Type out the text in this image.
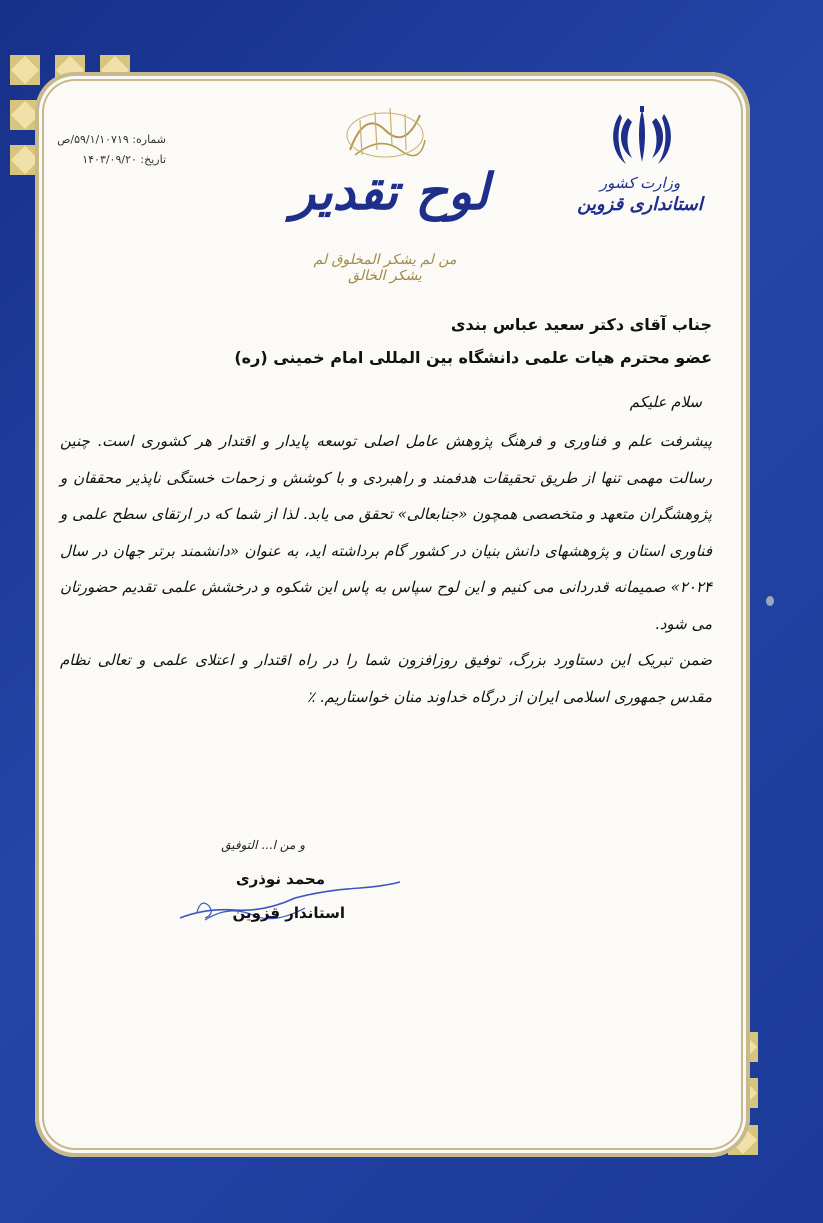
شماره: ۵۹/۱/۱۰۷۱۹/ص
تاریخ: ۱۴۰۳/۰۹/۲۰
لوح تقدیر
من لم یشکر المخلوق لم یشکر الخالق
وزارت کشور
استانداری قزوین
جناب آقای دکتر سعید عباس بندی
عضو محترم هیات علمی دانشگاه بین المللی امام خمینی (ره)
سلام علیکم

پیشرفت علم و فناوری و فرهنگ پژوهش عامل اصلی توسعه پایدار و اقتدار هر کشوری است. چنین رسالت مهمی تنها از طریق تحقیقات هدفمند و راهبردی و با کوشش و زحمات خستگی ناپذیر محققان و پژوهشگران متعهد و متخصصی همچون «جنابعالی» تحقق می یابد. لذا از شما که در ارتقای سطح علمی و فناوری استان و پژوهشهای دانش بنیان در کشور گام برداشته اید، به عنوان «دانشمند برتر جهان در سال ۲۰۲۴» صمیمانه قدردانی می کنیم و این لوح سپاس به پاس این شکوه و درخشش علمی تقدیم حضورتان می شود.

ضمن تبریک این دستاورد بزرگ، توفیق روزافزون شما را در راه اقتدار و اعتلای علمی و تعالی نظام مقدس جمهوری اسلامی ایران از درگاه خداوند منان خواستاریم. ٪

و من ا... التوفیق
محمد نوذری
استاندار قزوین
